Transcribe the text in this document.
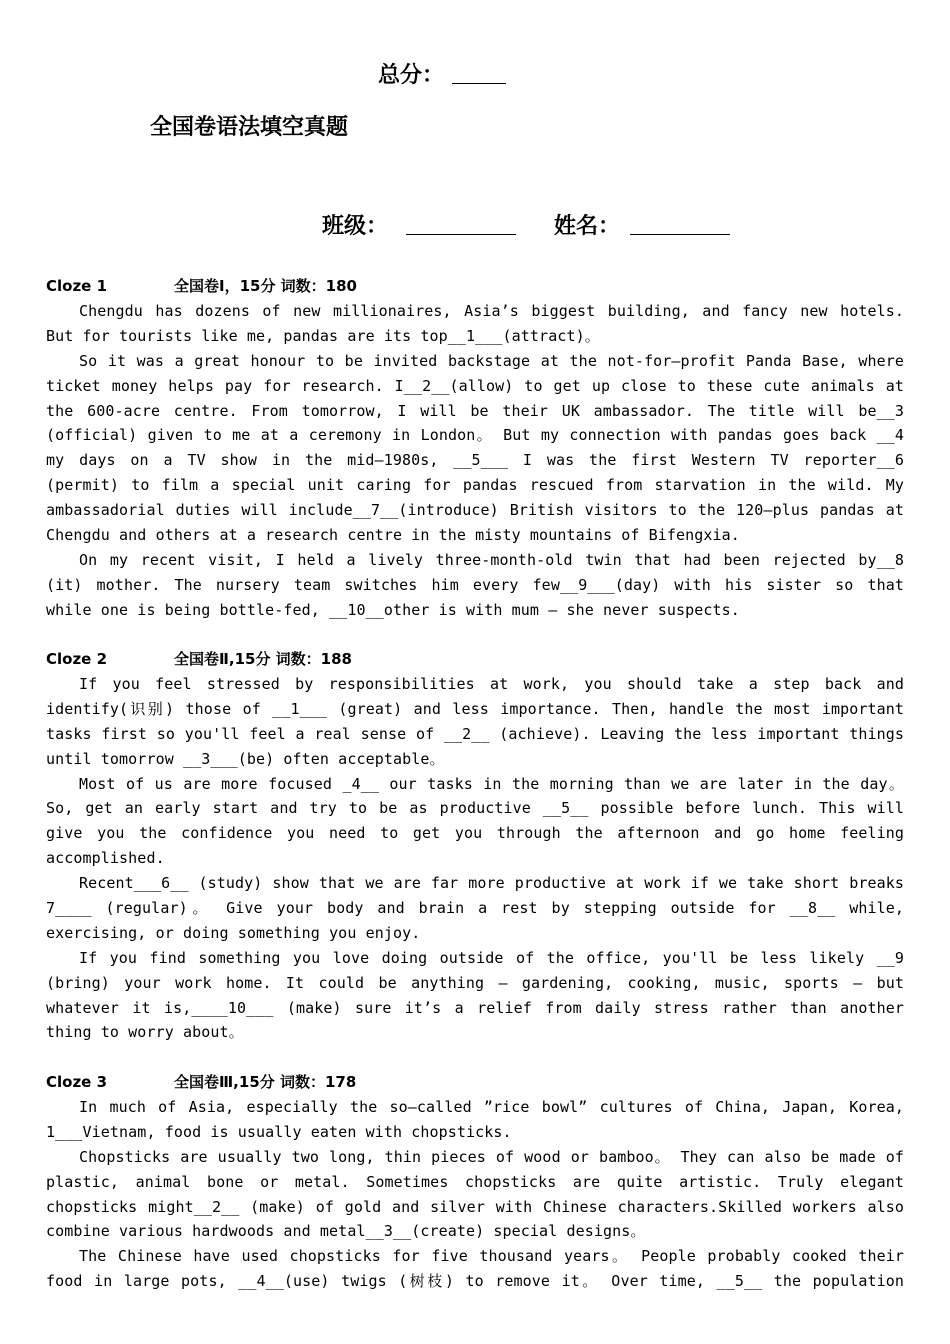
总分：
全国卷语法填空真题
班级：	姓名：
Cloze 1	全国卷Ⅰ，15分 词数：180
Chengdu has dozens of new millionaires, Asia’s biggest building, and fancy new hotels.
But for tourists like me, pandas are its top__1___(attract)。
So it was a great honour to be invited backstage at the not-for—profit Panda Base, where
ticket money helps pay for research. I__2__(allow) to get up close to these cute animals at
the 600-acre centre. From tomorrow, I will be their UK ambassador. The title will be__3
(official) given to me at a ceremony in London。 But my connection with pandas goes back __4
my days on a TV show in the mid—1980s, __5___ I was the first Western TV reporter__6
(permit) to film a special unit caring for pandas rescued from starvation in the wild. My
ambassadorial duties will include__7__(introduce) British visitors to the 120—plus pandas at
Chengdu and others at a research centre in the misty mountains of Bifengxia.
On my recent visit, I held a lively three-month-old twin that had been rejected by__8
(it) mother. The nursery team switches him every few__9___(day) with his sister so that
while one is being bottle-fed, __10__other is with mum — she never suspects.
Cloze 2	全国卷Ⅱ,15分 词数：188
If you feel stressed by responsibilities at work, you should take a step back and
identify(识别) those of __1___ (great) and less importance. Then, handle the most important
tasks first so you'll feel a real sense of __2__ (achieve). Leaving the less important things
until tomorrow __3___(be) often acceptable。
Most of us are more focused _4__ our tasks in the morning than we are later in the day。
So, get an early start and try to be as productive __5__ possible before lunch. This will
give you the confidence you need to get you through the afternoon and go home feeling
accomplished.
Recent___6__ (study) show that we are far more productive at work if we take short breaks
7____ (regular)。 Give your body and brain a rest by stepping outside for __8__ while,
exercising, or doing something you enjoy.
If you find something you love doing outside of the office, you'll be less likely __9
(bring) your work home. It could be anything — gardening, cooking, music, sports — but
whatever it is,____10___ (make) sure it’s a relief from daily stress rather than another
thing to worry about。
Cloze 3	全国卷Ⅲ,15分 词数：178
In much of Asia, especially the so—called ”rice bowl” cultures of China, Japan, Korea,
1___Vietnam, food is usually eaten with chopsticks.
Chopsticks are usually two long, thin pieces of wood or bamboo。 They can also be made of
plastic, animal bone or metal. Sometimes chopsticks are quite artistic. Truly elegant
chopsticks might__2__ (make) of gold and silver with Chinese characters.Skilled workers also
combine various hardwoods and metal__3__(create) special designs。
The Chinese have used chopsticks for five thousand years。 People probably cooked their
food in large pots, __4__(use) twigs (树枝) to remove it。 Over time, __5__ the population
